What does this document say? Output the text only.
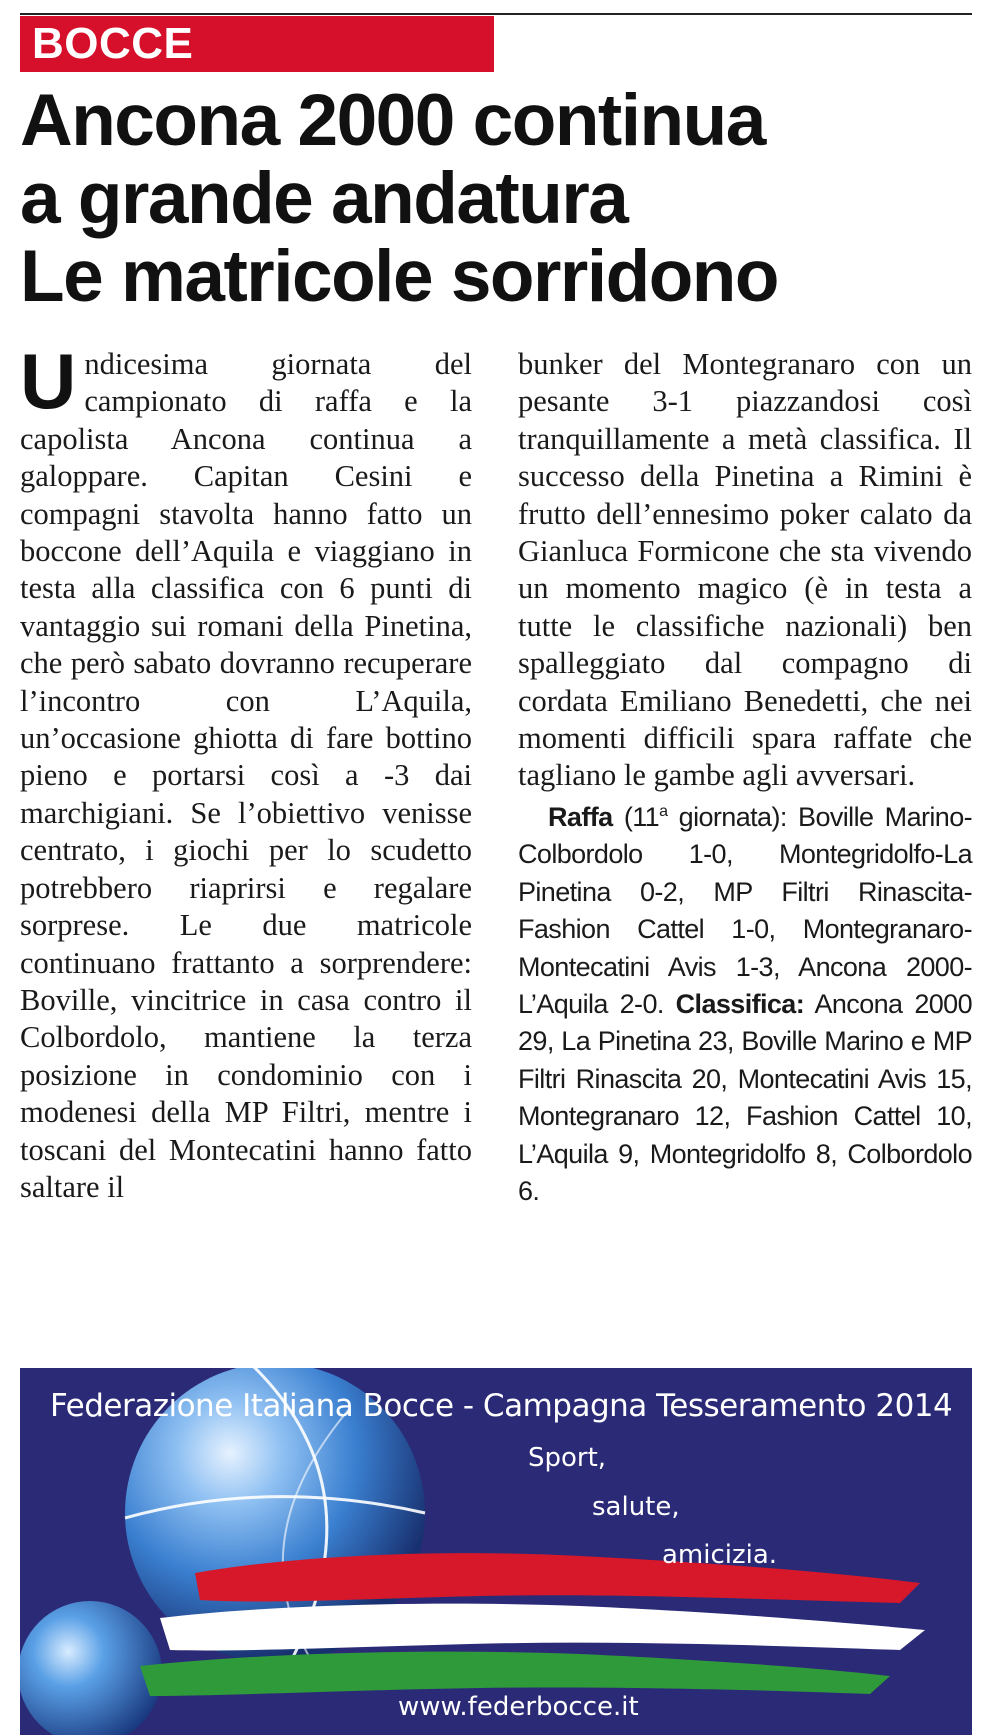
BOCCE
Ancona 2000 continua
a grande andatura
Le matricole sorridono

Undicesima giornata del campionato di raffa e la capolista Ancona continua a galoppare. Capitan Cesini e compagni stavolta hanno fatto un boccone dell’Aquila e viaggiano in testa alla classifica con 6 punti di vantaggio sui romani della Pinetina, che però sabato dovranno recuperare l’incontro con L’Aquila, un’occasione ghiotta di fare bottino pieno e portarsi così a -3 dai marchigiani. Se l’obiettivo venisse centrato, i giochi per lo scudetto potrebbero riaprirsi e regalare sorprese. Le due matricole continuano frattanto a sorprendere: Boville, vincitrice in casa contro il Colbordolo, mantiene la terza posizione in condominio con i modenesi della MP Filtri, mentre i toscani del Montecatini hanno fatto saltare il

bunker del Montegranaro con un pesante 3-1 piazzandosi così tranquillamente a metà classifica. Il successo della Pinetina a Rimini è frutto dell’ennesimo poker calato da Gianluca Formicone che sta vivendo un momento magico (è in testa a tutte le classifiche nazionali) ben spalleggiato dal compagno di cordata Emiliano Benedetti, che nei momenti difficili spara raffate che tagliano le gambe agli avversari.

Raffa (11$^a$ giornata): Boville Marino-Colbordolo 1-0, Montegridolfo-La Pinetina 0-2, MP Filtri Rinascita-Fashion Cattel 1-0, Montegranaro-Montecatini Avis 1-3, Ancona 2000-L’Aquila 2-0. Classifica: Ancona 2000 29, La Pinetina 23, Boville Marino e MP Filtri Rinascita 20, Montecatini Avis 15, Montegranaro 12, Fashion Cattel 10, L’Aquila 9, Montegridolfo 8, Colbordolo 6.

Federazione Italiana Bocce - Campagna Tesseramento 2014
Sport,
salute,
amicizia.
www.federbocce.it
